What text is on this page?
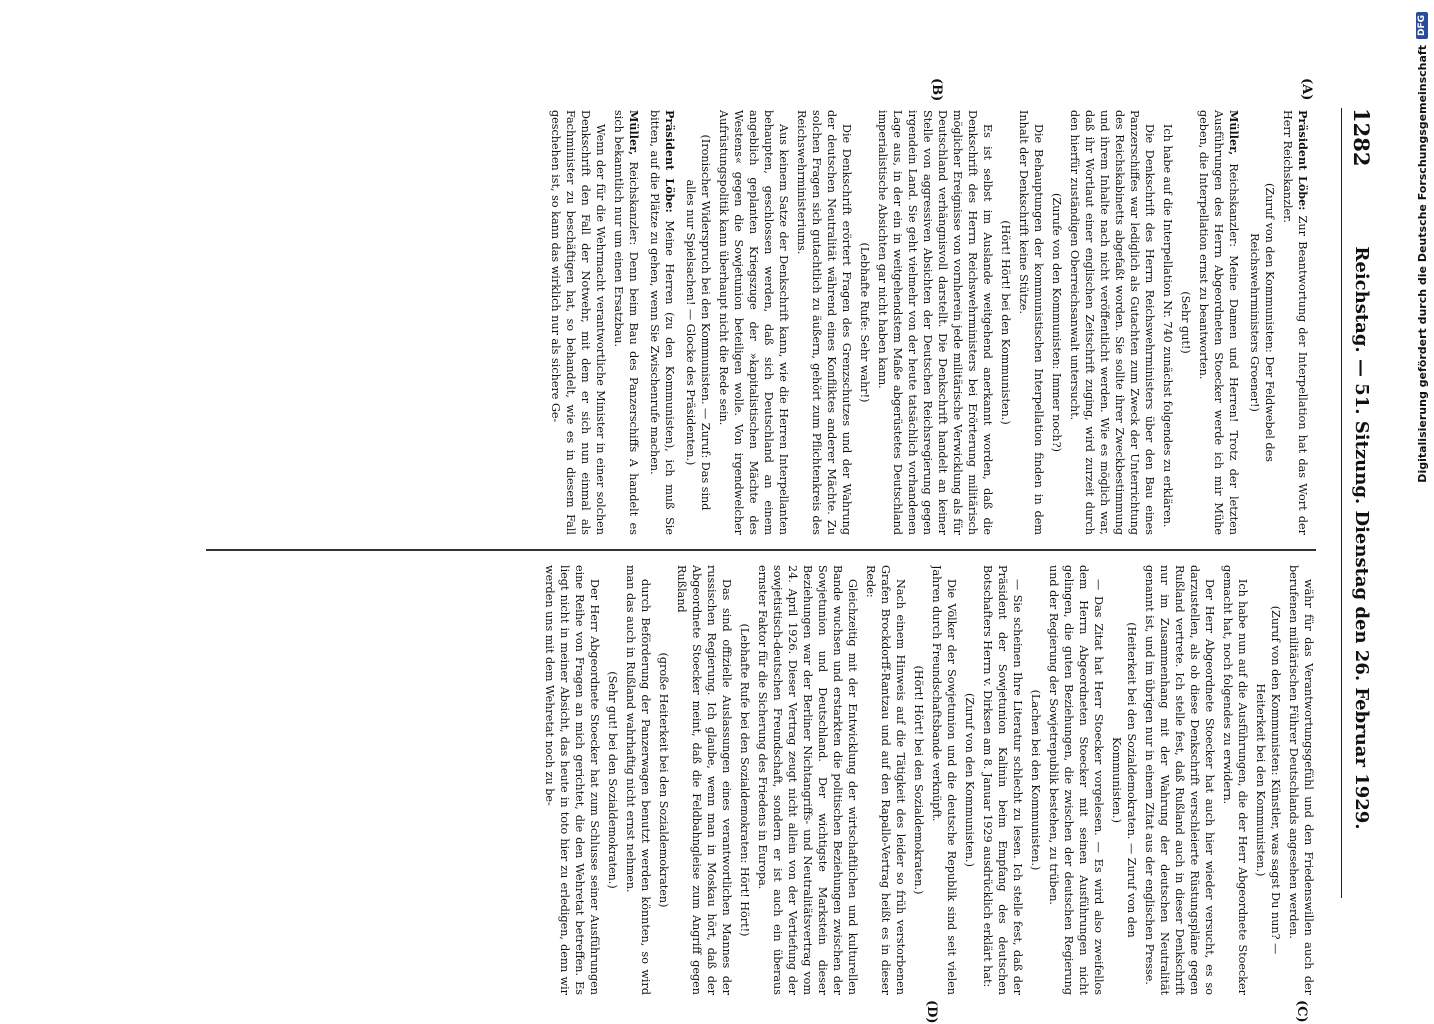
1282
Reichstag. — 51. Sitzung. Dienstag den 26. Februar 1929.

Präsident Löbe: Zur Beantwortung der Interpellation hat das Wort der Herr Reichskanzler.

(Zuruf von den Kommunisten: Der Feldwebel des Reichswehrministers Groener!)

Müller, Reichskanzler: Meine Damen und Herren! Trotz der letzten Ausführungen des Herrn Abgeordneten Stoecker werde ich mir Mühe geben, die Interpellation ernst zu beantworten.

(Sehr gut!)

Ich habe auf die Interpellation Nr. 740 zunächst folgendes zu erklären.

Die Denkschrift des Herrn Reichswehrministers über den Bau eines Panzerschiffes war lediglich als Gutachten zum Zweck der Unterrichtung des Reichskabinetts abgefaßt worden. Sie sollte ihrer Zweckbestimmung und ihrem Inhalte nach nicht veröffentlicht werden. Wie es möglich war, daß ihr Wortlaut einer englischen Zeitschrift zuging, wird zurzeit durch den hierfür zuständigen Oberreichsanwalt untersucht.

(Zurufe von den Kommunisten: Immer noch?)

Die Behauptungen der kommunistischen Interpellation finden in dem Inhalt der Denkschrift keine Stütze.

(Hört! Hört! bei den Kommunisten.)

Es ist selbst im Auslande weitgehend anerkannt worden, daß die Denkschrift des Herrn Reichswehrministers bei Erörterung militärisch möglicher Ereignisse von vornherein jede militärische Verwicklung als für Deutschland verhängnisvoll darstellt. Die Denkschrift handelt an keiner Stelle von aggressiven Absichten der Deutschen Reichsregierung gegen irgendein Land. Sie geht vielmehr von der heute tatsächlich vorhandenen Lage aus, in der ein in weitgehendstem Maße abgerüstetes Deutschland imperialistische Absichten gar nicht haben kann.

(Lebhafte Rufe: Sehr wahr!)

Die Denkschrift erörtert Fragen des Grenzschutzes und der Wahrung der deutschen Neutralität während eines Konfliktes anderer Mächte. Zu solchen Fragen sich gutachtlich zu äußern, gehört zum Pflichtenkreis des Reichswehrministeriums.

Aus keinem Satze der Denkschrift kann, wie die Herren Interpellanten behaupten, geschlossen werden, daß sich Deutschland an einem angeblich geplanten Kriegszuge der »kapitalistischen Mächte des Westens« gegen die Sowjetunion beteiligen wolle. Von irgendwelcher Aufrüstungspolitik kann überhaupt nicht die Rede sein.

(Ironischer Widerspruch bei den Kommunisten. — Zuruf: Das sind alles nur Spielsachen! — Glocke des Präsidenten.)

Präsident Löbe: Meine Herren (zu den Kommunisten), ich muß Sie bitten, auf die Plätze zu gehen, wenn Sie Zwischenrufe machen.

Müller, Reichskanzler: Denn beim Bau des Panzerschiffs A handelt es sich bekanntlich nur um einen Ersatzbau.

Wenn der für die Wehrmacht verantwortliche Minister in einer solchen Denkschrift den Fall der Notwehr, mit dem er sich nun einmal als Fachminister zu beschäftigen hat, so behandelt, wie es in diesem Fall geschehen ist, so kann das wirklich nur als sichere Ge-

währ für das Verantwortungsgefühl und den Friedenswillen auch der berufenen militärischen Führer Deutschlands angesehen werden.

(Zuruf von den Kommunisten: Künstler, was sagst Du nun? — Heiterkeit bei den Kommunisten.)

Ich habe nun auf die Ausführungen, die der Herr Abgeordnete Stoecker gemacht hat, noch folgendes zu erwidern.

Der Herr Abgeordnete Stoecker hat auch hier wieder versucht, es so darzustellen, als ob diese Denkschrift verschleierte Rüstungspläne gegen Rußland vertrete. Ich stelle fest, daß Rußland auch in dieser Denkschrift nur im Zusammenhang mit der Wahrung der deutschen Neutralität genannt ist, und im übrigen nur in einem Zitat aus der englischen Presse.

(Heiterkeit bei den Sozialdemokraten. — Zuruf von den Kommunisten.)

— Das Zitat hat Herr Stoecker vorgelesen. — Es wird also zweifellos dem Herrn Abgeordneten Stoecker mit seinen Ausführungen nicht gelingen, die guten Beziehungen, die zwischen der deutschen Regierung und der Regierung der Sowjetrepublik bestehen, zu trüben.

(Lachen bei den Kommunisten.)

— Sie scheinen Ihre Literatur schlecht zu lesen. Ich stelle fest, daß der Präsident der Sowjetunion Kalinin beim Empfang des deutschen Botschafters Herrn v. Dirksen am 8. Januar 1929 ausdrücklich erklärt hat:

(Zuruf von den Kommunisten.)

Die Völker der Sowjetunion und die deutsche Republik sind seit vielen Jahren durch Freundschaftsbande verknüpft.

(Hört! Hört! bei den Sozialdemokraten.)

Nach einem Hinweis auf die Tätigkeit des leider so früh verstorbenen Grafen Brockdorff-Rantzau und auf den Rapallo-Vertrag heißt es in dieser Rede:

Gleichzeitig mit der Entwicklung der wirtschaftlichen und kulturellen Bande wuchsen und erstarkten die politischen Beziehungen zwischen der Sowjetunion und Deutschland. Der wichtigste Markstein dieser Beziehungen war der Berliner Nichtangriffs- und Neutralitätsvertrag vom 24. April 1926. Dieser Vertrag zeugt nicht allein von der Vertiefung der sowjetistisch-deutschen Freundschaft, sondern er ist auch ein überaus ernster Faktor für die Sicherung des Friedens in Europa.

(Lebhafte Rufe bei den Sozialdemokraten: Hört! Hört!)

Das sind offizielle Auslassungen eines verantwortlichen Mannes der russischen Regierung. Ich glaube, wenn man in Moskau hört, daß der Abgeordnete Stoecker meint, daß die Feldbahngleise zum Angriff gegen Rußland

(große Heiterkeit bei den Sozialdemokraten)

durch Beförderung der Panzerwagen benutzt werden könnten, so wird man das auch in Rußland wahrhaftig nicht ernst nehmen.

(Sehr gut! bei den Sozialdemokraten.)

Der Herr Abgeordnete Stoecker hat zum Schlusse seiner Ausführungen eine Reihe von Fragen an mich gerichtet, die den Wehretat betreffen. Es liegt nicht in meiner Absicht, das heute in toto hier zu erledigen, denn wir werden uns mit dem Wehretat noch zu be-

(A)
(B)
(C)
(D)
Digitalisierung gefördert durch die Deutsche Forschungsgemeinschaft
DFG
